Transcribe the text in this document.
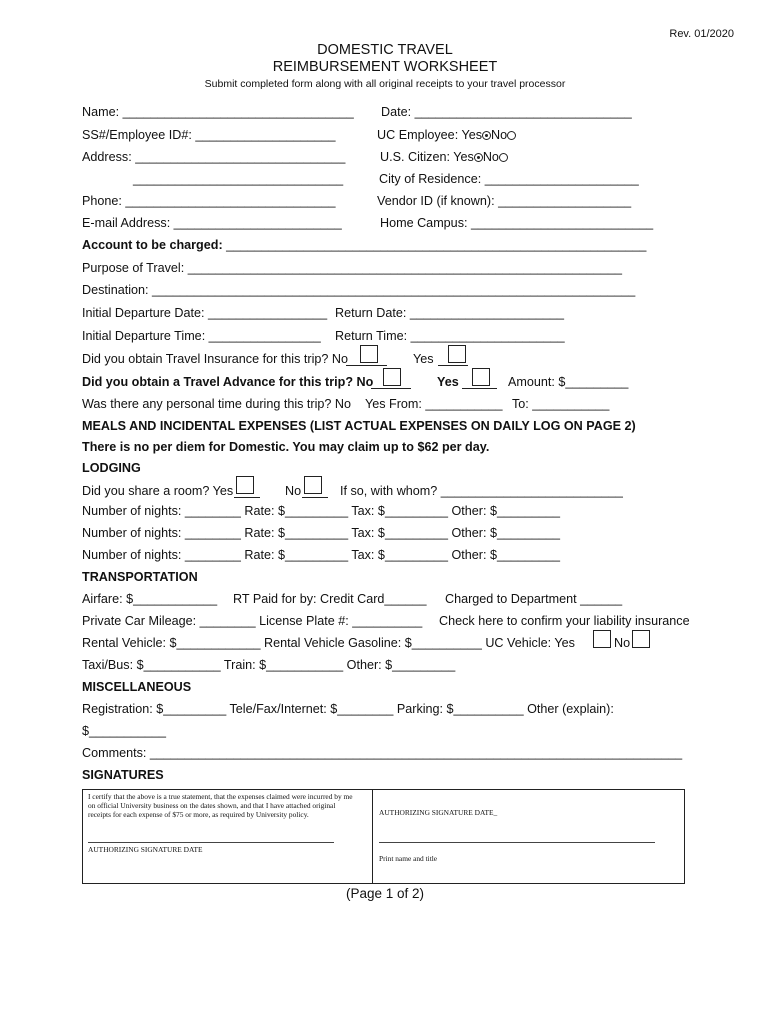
Rev. 01/2020
DOMESTIC TRAVEL
REIMBURSEMENT WORKSHEET
Submit completed form along with all original receipts to your travel processor
Name: _________________________________ Date: _______________________________
SS#/Employee ID#: ____________________	UC Employee: Yes No
Address: ______________________________	U.S. Citizen: Yes No
______________________________	City of Residence: ______________________
Phone: ______________________________	Vendor ID (if known): ___________________
E-mail Address: ________________________	Home Campus: __________________________
Account to be charged: ____________________________________________________________
Purpose of Travel: ______________________________________________________________
Destination: _____________________________________________________________________
Initial Departure Date: _________________ Return Date: ______________________
Initial Departure Time: ________________ Return Time: ______________________
Did you obtain Travel Insurance for this trip? No	Yes
Did you obtain a Travel Advance for this trip? No	Yes	Amount: $_________
Was there any personal time during this trip? No Yes From: ___________ To: ___________
MEALS AND INCIDENTAL EXPENSES (LIST ACTUAL EXPENSES ON DAILY LOG ON PAGE 2)
There is no per diem for Domestic. You may claim up to $62 per day.
LODGING
Did you share a room? Yes	No	If so, with whom? __________________________
Number of nights: ________ Rate: $_________ Tax: $_________ Other: $_________
Number of nights: ________ Rate: $_________ Tax: $_________ Other: $_________
Number of nights: ________ Rate: $_________ Tax: $_________ Other: $_________
TRANSPORTATION
Airfare: $____________ RT Paid for by: Credit Card______ Charged to Department ______
Private Car Mileage: ________ License Plate #: __________ Check here to confirm your liability insurance
Rental Vehicle: $____________ Rental Vehicle Gasoline: $__________ UC Vehicle: Yes	No
Taxi/Bus: $___________ Train: $___________ Other: $_________
MISCELLANEOUS
Registration: $_________ Tele/Fax/Internet: $________ Parking: $__________ Other (explain):
$___________
Comments: ____________________________________________________________________________
SIGNATURES
I certify that the above is a true statement, that the expenses claimed were incurred by me on official University business on the dates shown, and that I have attached original receipts for each expense of $75 or more, as required by University policy.
AUTHORIZING SIGNATURE DATE
AUTHORIZING SIGNATURE DATE_
Print name and title
(Page 1 of 2)
